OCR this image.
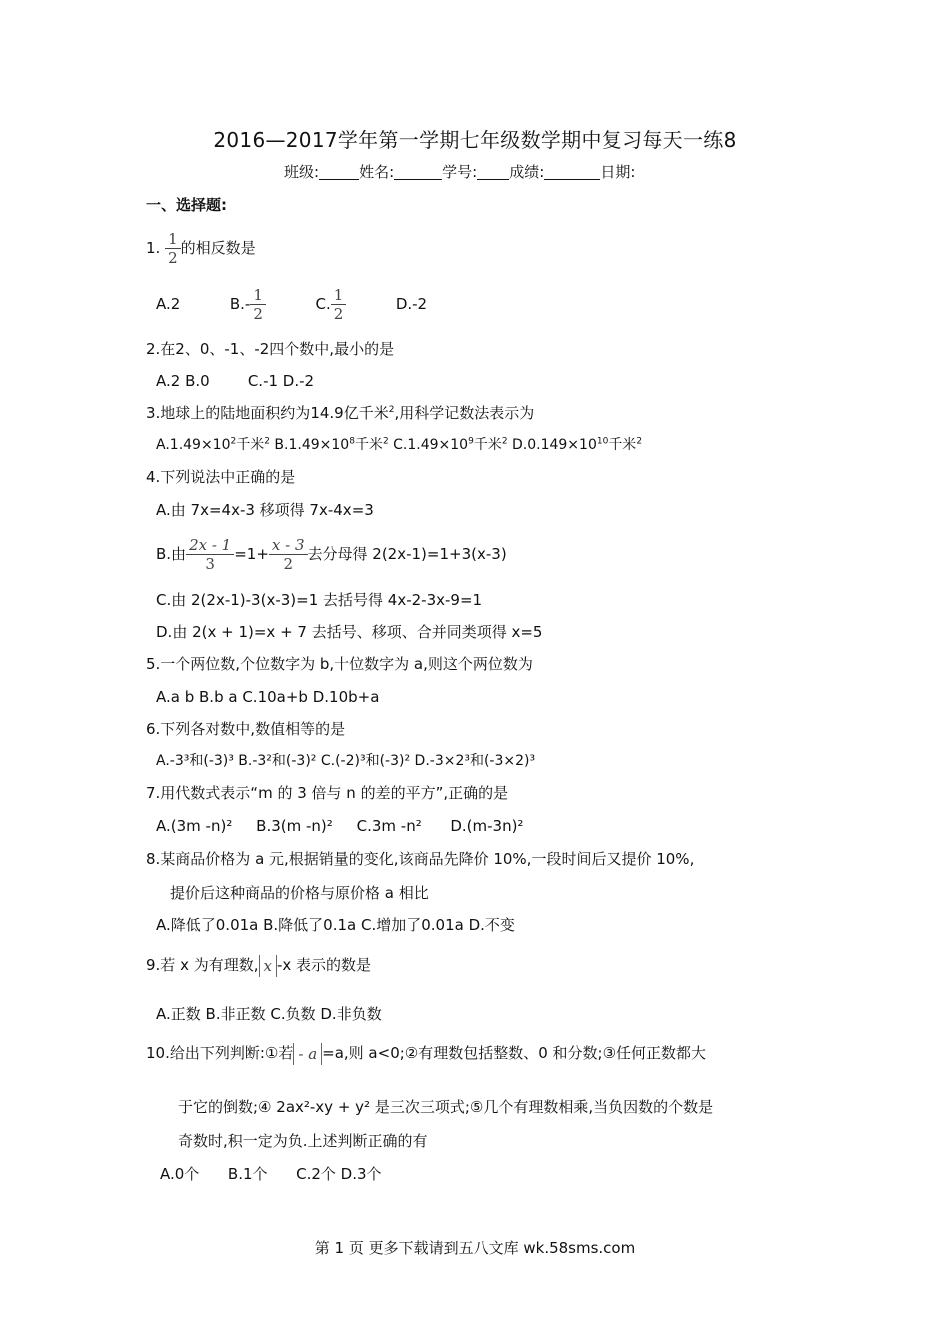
2016—2017学年第一学期七年级数学期中复习每天一练8
班级:	姓名:	学号: 成绩:	日期:
一、选择题:
1. $\frac{1}{2}$ 的相反数是
A.2	$B.- \frac{1}{2}$	C. $\frac{1}{2}$	D.-2
2.在2、0、-1、-2四个数中,最小的是
A.2 B.0        C.-1 D.-2
3.地球上的陆地面积约为14.9亿千米$^2$,用科学记数法表示为
$A.1.49\times 10^2$千米$^2$ $B.1.49\times 10^8$千米$^2$ $C.1.49\times 10^9$千米$^2$ $D.0.149\times 10^{10}$千米$^2$
4.下列说法中正确的是
A.由 7x=4x-3 移项得 7x-4x=3
B.由 $\frac{2x - 1}{3} =1+ \frac{x - 3}{2}$ 去分母得 2(2x-1)=1+3(x-3)
C.由 2(2x-1)-3(x-3)=1 去括号得 4x-2-3x-9=1
D.由 2(x + 1)=x + 7 去括号、移项、合并同类项得 x=5
5.一个两位数,个位数字为 b,十位数字为 a,则这个两位数为
A.a b B.b a C.10a+b D.10b+a
6.下列各对数中,数值相等的是
A.-3³和(-3)³ B.-3²和(-3)² C.(-2)³和(-3)² D.-3×2³和(-3×2)³
7.用代数式表示“m 的 3 倍与 n 的差的平方”,正确的是
A.(3m -n)²     B.3(m -n)²     C.3m -n²      D.(m-3n)²
8.某商品价格为 a 元,根据销量的变化,该商品先降价 10%,一段时间后又提价 10%,
提价后这种商品的价格与原价格 a 相比
A.降低了0.01a B.降低了0.1a C.增加了0.01a D.不变
9.若 x 为有理数, x -x 表示的数是
A.正数 B.非正数 C.负数 D.非负数
10.给出下列判断:①若 - a =a,则 a<0;②有理数包括整数、0 和分数;③任何正数都大
于它的倒数;④ 2ax²-xy + y² 是三次三项式;⑤几个有理数相乘,当负因数的个数是
奇数时,积一定为负.上述判断正确的有
A.0个      B.1个      C.2个 D.3个
第 1 页 更多下载请到五八文库 wk.58sms.com
